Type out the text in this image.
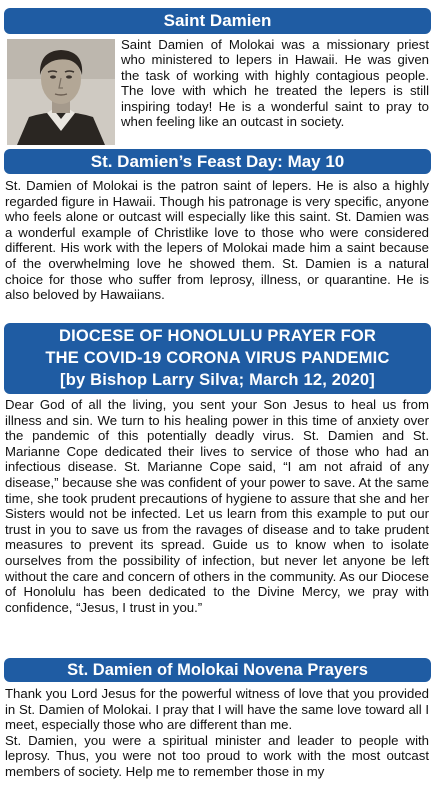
Saint Damien
Saint Damien of Molokai was a missionary priest who ministered to lepers in Hawaii. He was given the task of working with highly contagious people. The love with which he treated the lepers is still inspiring today! He is a wonderful saint to pray to when feeling like an outcast in society.
St. Damien’s Feast Day: May 10
St. Damien of Molokai is the patron saint of lepers. He is also a highly regarded figure in Hawaii. Though his patronage is very specific, anyone who feels alone or outcast will especially like this saint. St. Damien was a wonderful example of Christlike love to those who were considered different. His work with the lepers of Molokai made him a saint because of the overwhelming love he showed them. St. Damien is a natural choice for those who suffer from leprosy, illness, or quarantine. He is also beloved by Hawaiians.
DIOCESE OF HONOLULU PRAYER FOR
THE COVID-19 CORONA VIRUS PANDEMIC
[by Bishop Larry Silva; March 12, 2020]
Dear God of all the living, you sent your Son Jesus to heal us from illness and sin. We turn to his healing power in this time of anxiety over the pandemic of this potentially deadly virus. St. Damien and St. Marianne Cope dedicated their lives to service of those who had an infectious disease. St. Marianne Cope said, “I am not afraid of any disease,” because she was confident of your power to save. At the same time, she took prudent precautions of hygiene to assure that she and her Sisters would not be infected. Let us learn from this example to put our trust in you to save us from the ravages of disease and to take prudent measures to prevent its spread. Guide us to know when to isolate ourselves from the possibility of infection, but never let anyone be left without the care and concern of others in the community. As our Diocese of Honolulu has been dedicated to the Divine Mercy, we pray with confidence, “Jesus, I trust in you.”
St. Damien of Molokai Novena Prayers
Thank you Lord Jesus for the powerful witness of love that you provided in St. Damien of Molokai. I pray that I will have the same love toward all I meet, especially those who are different than me.
St. Damien, you were a spiritual minister and leader to people with leprosy. Thus, you were not too proud to work with the most outcast members of society. Help me to remember those in my
